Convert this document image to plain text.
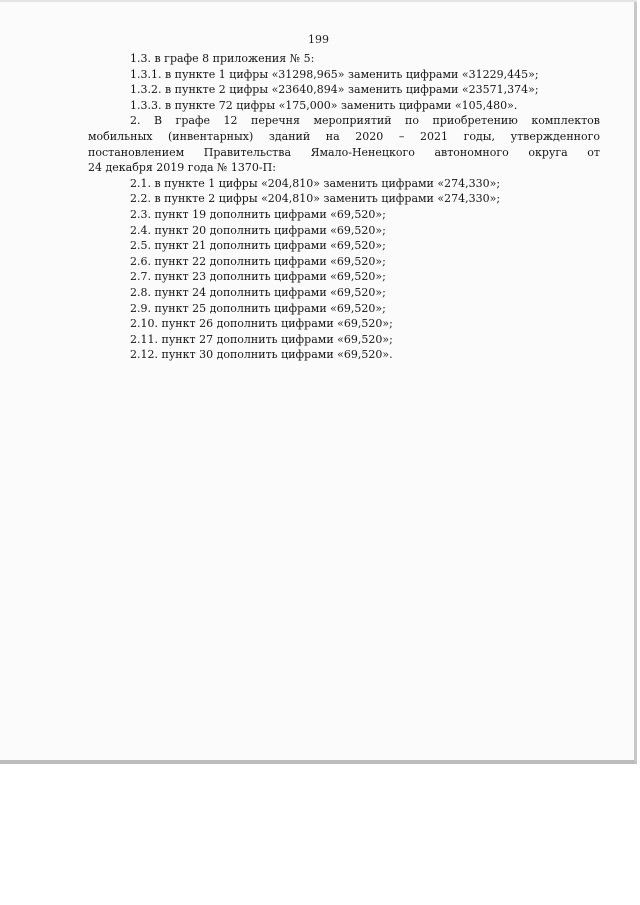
199
1.3. в графе 8 приложения № 5:
1.3.1. в пункте 1 цифры «31298,965» заменить цифрами «31229,445»;
1.3.2. в пункте 2 цифры «23640,894» заменить цифрами «23571,374»;
1.3.3. в пункте 72 цифры «175,000» заменить цифрами «105,480».
2. В графе 12 перечня мероприятий по приобретению комплектов
мобильных (инвентарных) зданий на 2020 – 2021 годы, утвержденного
постановлением Правительства Ямало-Ненецкого автономного округа от
24 декабря 2019 года № 1370-П:
2.1. в пункте 1 цифры «204,810» заменить цифрами «274,330»;
2.2. в пункте 2 цифры «204,810» заменить цифрами «274,330»;
2.3. пункт 19 дополнить цифрами «69,520»;
2.4. пункт 20 дополнить цифрами «69,520»;
2.5. пункт 21 дополнить цифрами «69,520»;
2.6. пункт 22 дополнить цифрами «69,520»;
2.7. пункт 23 дополнить цифрами «69,520»;
2.8. пункт 24 дополнить цифрами «69,520»;
2.9. пункт 25 дополнить цифрами «69,520»;
2.10. пункт 26 дополнить цифрами «69,520»;
2.11. пункт 27 дополнить цифрами «69,520»;
2.12. пункт 30 дополнить цифрами «69,520».
